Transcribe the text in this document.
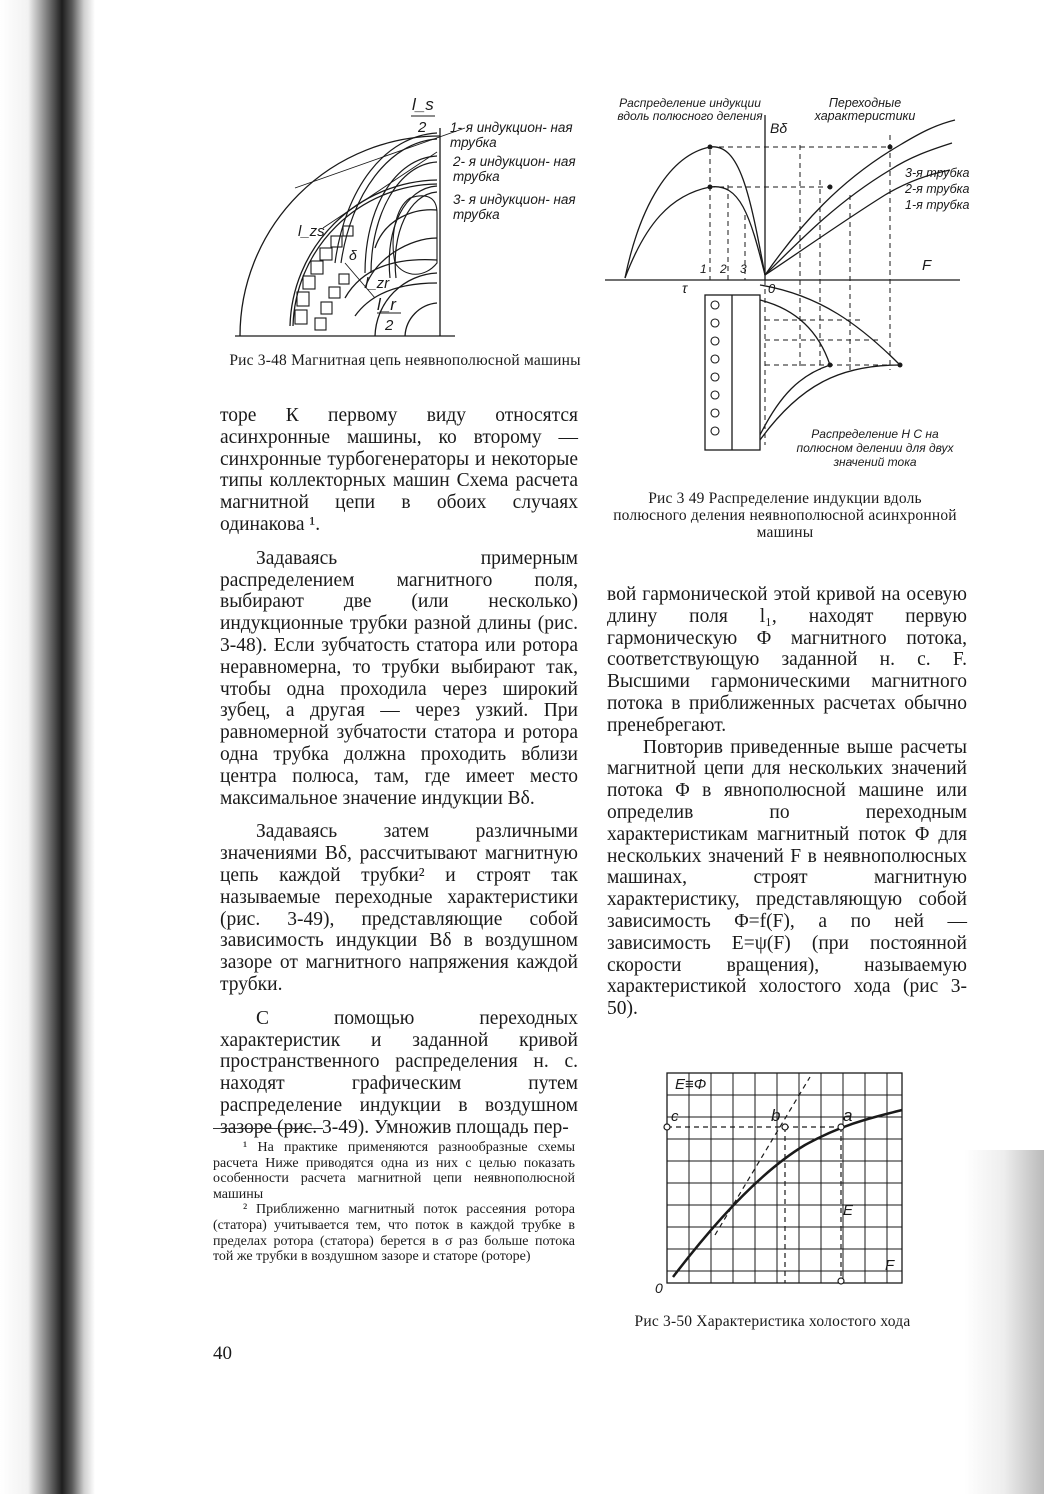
l_s
2
l_r
2
l_zs
l_zr
δ
1- я индукцион- ная трубка
2- я индукцион- ная трубка
3- я индукцион- ная трубка
Рис 3-48 Магнитная цепь неявнополюсной машины
Распределение индукции вдоль полюсного деления
Переходные характеристики
Bδ
F
τ	0
3-я трубка
2-я трубка
1-я трубка
Распределение Н С на полюсном делении для двух значений тока
1 2 3
Рис 3 49 Распределение индукции вдоль полюсного деления неявнополюсной асинхронной машины

торе К первому виду относятся асинхронные машины, ко второму — синхронные турбогенераторы и некоторые типы коллекторных машин Схема расчета магнитной цепи в обоих случаях одинакова ¹.

Задаваясь примерным распределением магнитного поля, выбирают две (или несколько) индукционные трубки разной длины (рис. 3-48). Если зубчатость статора или ротора неравномерна, то трубки выбирают так, чтобы одна проходила через широкий зубец, а другая — через узкий. При равномерной зубчатости статора и ротора одна трубка должна проходить вблизи центра полюса, там, где имеет место максимальное значение индукции Bδ.

Задаваясь затем различными значениями Bδ, рассчитывают магнитную цепь каждой трубки² и строят так называемые переходные характеристики (рис. 3-49), представляющие собой зависимость индукции Bδ в воздушном зазоре от магнитного напряжения каждой трубки.

С помощью переходных характеристик и заданной кривой пространственного распределения н. с. находят графическим путем распределение индукции в воздушном зазоре (рис. 3-49). Умножив площадь пер-

вой гармонической этой кривой на осевую длину поля l₁, находят первую гармоническую Φ магнитного потока, соответствующую заданной н. с. F. Высшими гармоническими магнитного потока в приближенных расчетах обычно пренебрегают.

Повторив приведенные выше расчеты магнитной цепи для нескольких значений потока Φ в явнополюсной машине или определив по переходным характеристикам магнитный поток Φ для нескольких значений F в неявнополюсных машинах, строят магнитную характеристику, представляющую собой зависимость Φ=f(F), а по ней — зависимость E=ψ(F) (при постоянной скорости вращения), называемую характеристикой холостого хода (рис 3-50).

E≡Φ
F
0
a
b
c
E
Рис 3-50 Характеристика холостого хода

¹ На практике применяются разнообразные схемы расчета Ниже приводятся одна из них с целью показать особенности расчета магнитной цепи неявнополюсной машины

² Приближенно магнитный поток рассеяния ротора (статора) учитывается тем, что поток в каждой трубке в пределах ротора (статора) берется в σ раз больше потока той же трубки в воздушном зазоре и статоре (роторе)

40
